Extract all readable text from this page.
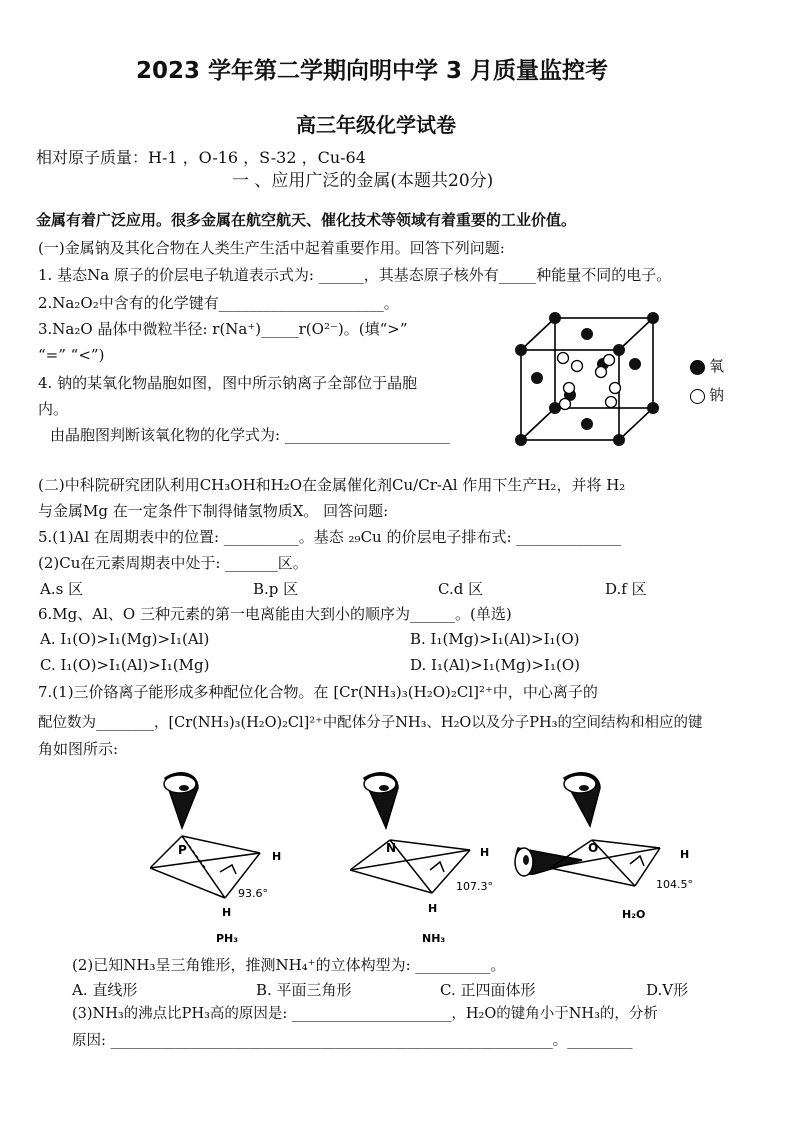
2023 学年第二学期向明中学 3 月质量监控考
高三年级化学试卷
相对原子质量：H-1 ，O-16 ，S-32 ，Cu-64
一 、应用广泛的金属(本题共20分)
金属有着广泛应用。很多金属在航空航天、催化技术等领域有着重要的工业价值。
(一)金属钠及其化合物在人类生产生活中起着重要作用。回答下列问题:
1. 基态Na 原子的价层电子轨道表示式为: ______，其基态原子核外有_____种能量不同的电子。
2.Na₂O₂中含有的化学键有______________________。
3.Na₂O 晶体中微粒半径: r(Na⁺)_____r(O²⁻)。(填“>”
“=” “<”)
4. 钠的某氧化物晶胞如图，图中所示钠离子全部位于晶胞
内。
由晶胞图判断该氧化物的化学式为: ______________________
氧
钠
(二)中科院研究团队利用CH₃OH和H₂O在金属催化剂Cu/Cr-Al 作用下生产H₂，并将 H₂
与金属Mg 在一定条件下制得储氢物质X。 回答问题:
5.(1)Al 在周期表中的位置: __________。基态 ₂₉Cu 的价层电子排布式: ______________
(2)Cu在元素周期表中处于: _______区。
A.s 区	B.p 区	C.d 区	D.f 区
6.Mg、Al、O 三种元素的第一电离能由大到小的顺序为______。(单选)
A. I₁(O)>I₁(Mg)>I₁(Al)	B. I₁(Mg)>I₁(Al)>I₁(O)
C. I₁(O)>I₁(Al)>I₁(Mg)	D. I₁(Al)>I₁(Mg)>I₁(O)
7.(1)三价铬离子能形成多种配位化合物。在 [Cr(NH₃)₃(H₂O)₂Cl]²⁺中，中心离子的
配位数为________，[Cr(NH₃)₃(H₂O)₂Cl]²⁺中配体分子NH₃、H₂O以及分子PH₃的空间结构和相应的键
角如图所示:
P	H
H
93.6°
PH₃
N	H
H
107.3°
NH₃
O	H
104.5°
H₂O
(2)已知NH₃呈三角锥形，推测NH₄⁺的立体构型为: __________。
A. 直线形	B. 平面三角形	C. 正四面体形	D.V形
(3)NH₃的沸点比PH₃高的原因是: ______________________，H₂O的键角小于NH₃的，分析
原因: _____________________________________________________________。_________
